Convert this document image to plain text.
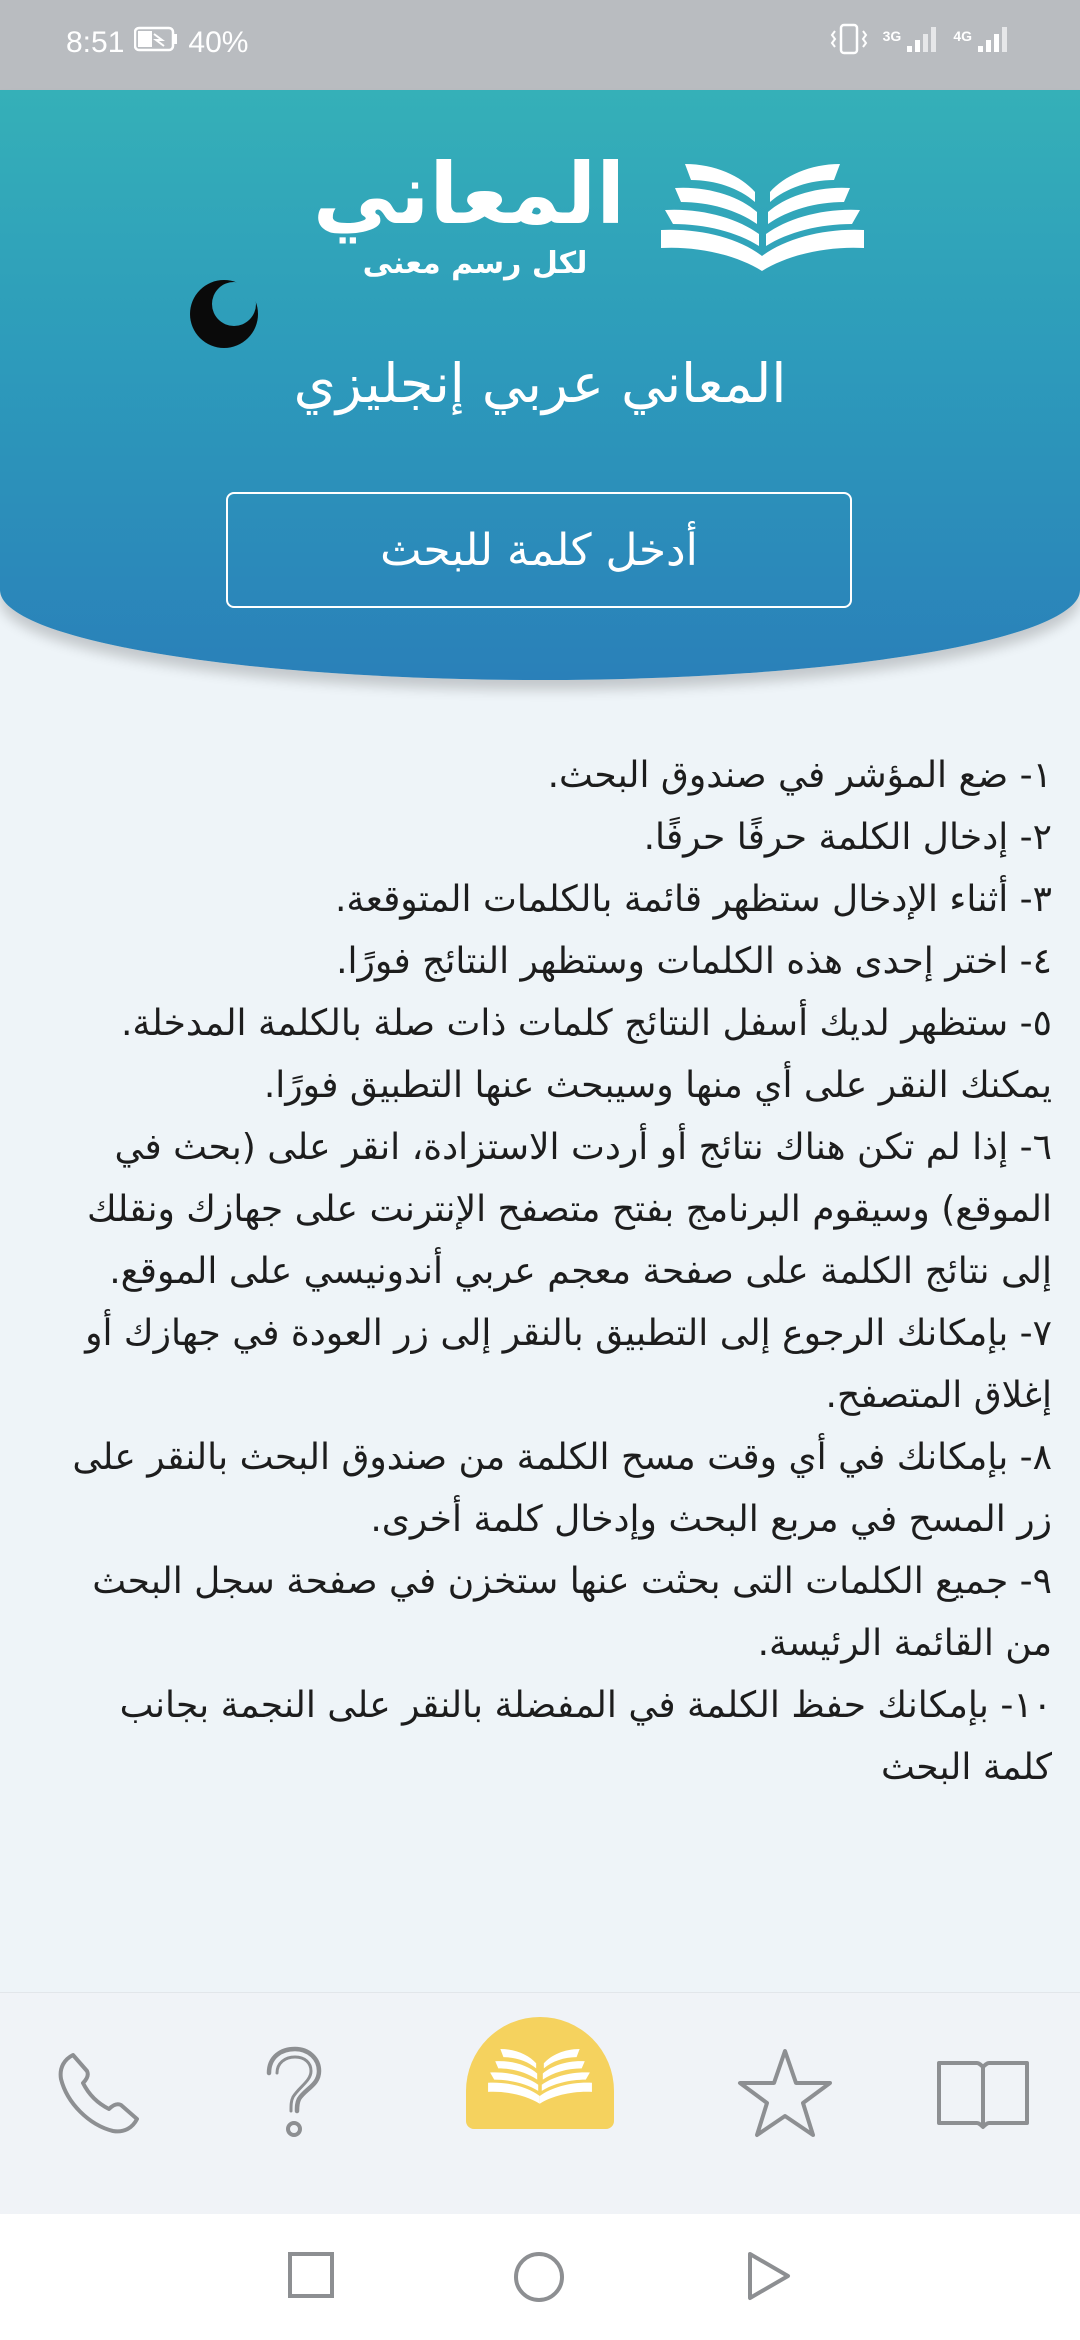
8:51 40%	3G	4G
المعاني
لكل رسم معنى
المعاني عربي إنجليزي
أدخل كلمة للبحث

١- ضع المؤشر في صندوق البحث.

٢- إدخال الكلمة حرفًا حرفًا.

٣- أثناء الإدخال ستظهر قائمة بالكلمات المتوقعة.

٤- اختر إحدى هذه الكلمات وستظهر النتائج فورًا.

٥- ستظهر لديك أسفل النتائج كلمات ذات صلة بالكلمة المدخلة. يمكنك النقر على أي منها وسيبحث عنها التطبيق فورًا.

٦- إذا لم تكن هناك نتائج أو أردت الاستزادة، انقر على (بحث في الموقع) وسيقوم البرنامج بفتح متصفح الإنترنت على جهازك ونقلك إلى نتائج الكلمة على صفحة معجم عربي أندونيسي على الموقع.

٧- بإمكانك الرجوع إلى التطبيق بالنقر إلى زر العودة في جهازك أو إغلاق المتصفح.

٨- بإمكانك في أي وقت مسح الكلمة من صندوق البحث بالنقر على زر المسح في مربع البحث وإدخال كلمة أخرى.

٩- جميع الكلمات التى بحثت عنها ستخزن في صفحة سجل البحث من القائمة الرئيسة.

١٠- بإمكانك حفظ الكلمة في المفضلة بالنقر على النجمة بجانب كلمة البحث
